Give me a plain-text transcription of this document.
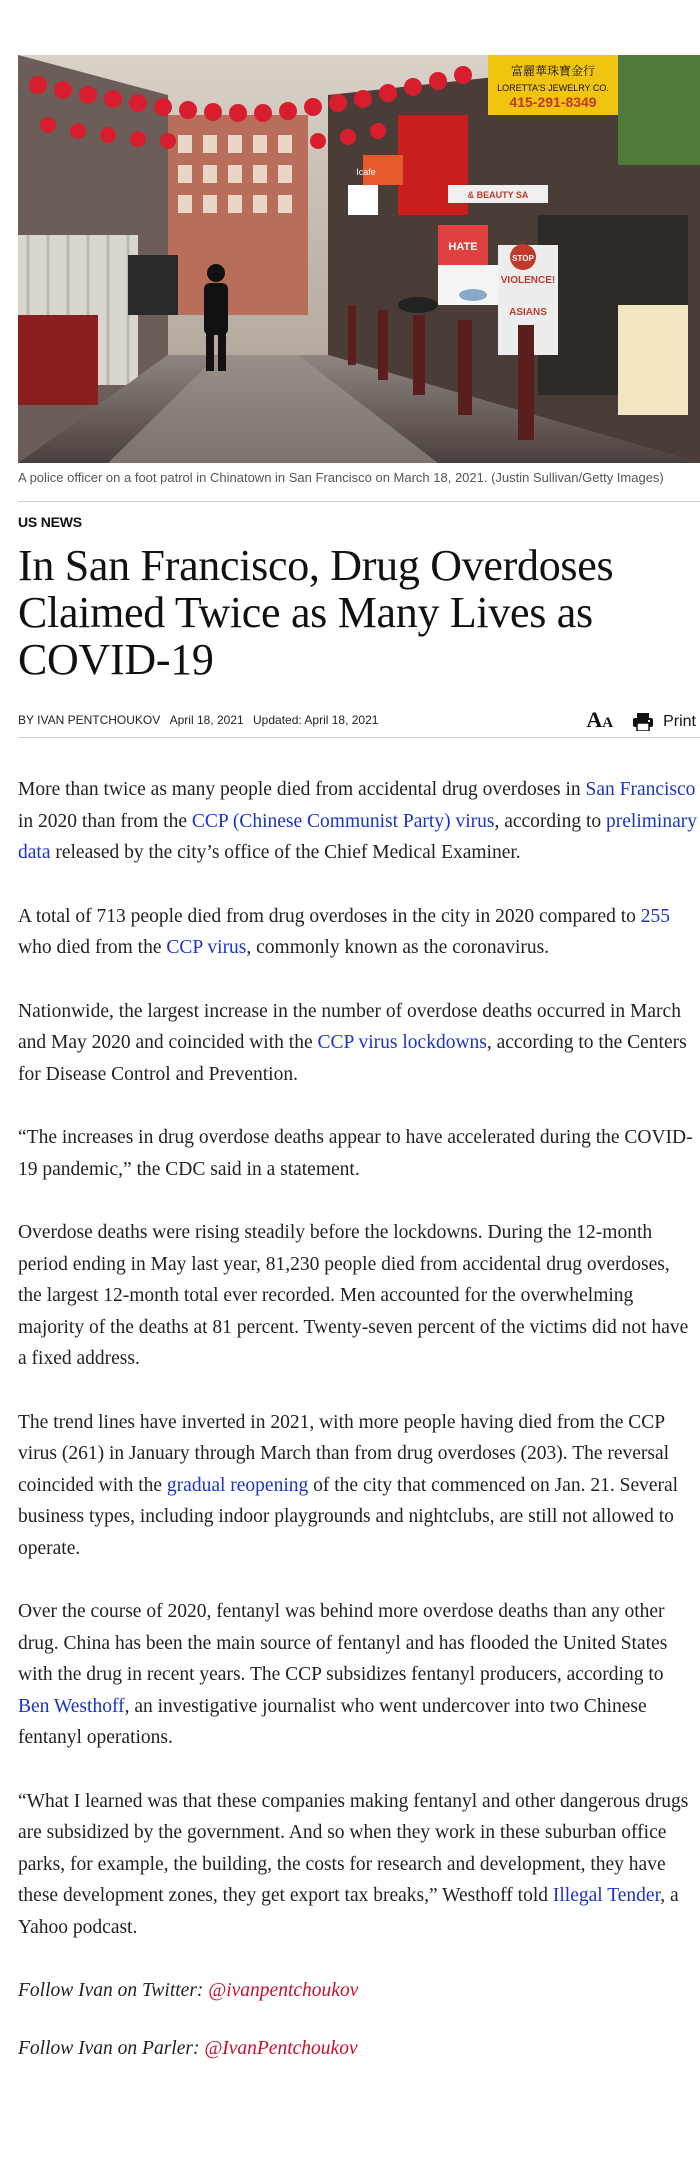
富麗華珠寶金行
LORETTA'S JEWELRY CO.
415-291-8349
& BEAUTY SA
STOP
VIOLENCE!
HATE
ASIANS
Icafe
A police officer on a foot patrol in Chinatown in San Francisco on March 18, 2021. (Justin Sullivan/Getty Images)
US NEWS
In San Francisco, Drug Overdoses Claimed Twice as Many Lives as COVID-19
BY IVAN PENTCHOUKOV April 18, 2021 Updated: April 18, 2021	AA	Print

More than twice as many people died from accidental drug overdoses in San Francisco in 2020 than from the CCP (Chinese Communist Party) virus, according to preliminary data released by the city’s office of the Chief Medical Examiner.

A total of 713 people died from drug overdoses in the city in 2020 compared to 255 who died from the CCP virus, commonly known as the coronavirus.

Nationwide, the largest increase in the number of overdose deaths occurred in March and May 2020 and coincided with the CCP virus lockdowns, according to the Centers for Disease Control and Prevention.

“The increases in drug overdose deaths appear to have accelerated during the COVID-19 pandemic,” the CDC said in a statement.

Overdose deaths were rising steadily before the lockdowns. During the 12-month period ending in May last year, 81,230 people died from accidental drug overdoses, the largest 12-month total ever recorded. Men accounted for the overwhelming majority of the deaths at 81 percent. Twenty-seven percent of the victims did not have a fixed address.

The trend lines have inverted in 2021, with more people having died from the CCP virus (261) in January through March than from drug overdoses (203). The reversal coincided with the gradual reopening of the city that commenced on Jan. 21. Several business types, including indoor playgrounds and nightclubs, are still not allowed to operate.

Over the course of 2020, fentanyl was behind more overdose deaths than any other drug. China has been the main source of fentanyl and has flooded the United States with the drug in recent years. The CCP subsidizes fentanyl producers, according to Ben Westhoff, an investigative journalist who went undercover into two Chinese fentanyl operations.

“What I learned was that these companies making fentanyl and other dangerous drugs are subsidized by the government. And so when they work in these suburban office parks, for example, the building, the costs for research and development, they have these development zones, they get export tax breaks,” Westhoff told Illegal Tender, a Yahoo podcast.

Follow Ivan on Twitter: @ivanpentchoukov

Follow Ivan on Parler: @IvanPentchoukov
